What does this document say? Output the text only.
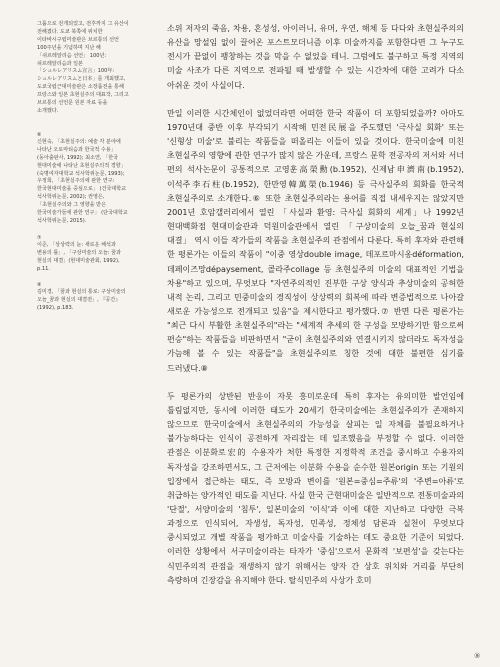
그룹으로 전개되었고, 전후까지 그 유산이 전해졌다. 도쿄 북쪽에 위치한 이타바시구립미술관은 브르통의 선언 100주년을 기념하며 지난 해 「쉬르레알리슴 선언」 100년: 쉬르레알리슴과 일본 「シュルレアリスム宣言」100年: シュルレアリスムと日本」를 개최했고, 도쿄국립근대미술관은 소장품전을 통해 프랑스와 일본 초현실주의 대표작, 그리고 브르통의 선언문 원본 자료 등을 소개했다.

⑥

신현숙, 「초현실주의: 예술 각 분야에 나타난 오토마티슴과 한국적 수용」 (동아출판사, 1992); 최소연, 「한국 현대미술에 나타난 초현실주의적 경향」(숙명여자대학교 석사학위논문, 1993); 우정희, 「초현실주의에 관한 연구: 한국현대미술을 중심으로」 (건국대학교 석사학위논문, 2002); 권영은, 「초현실주의와 그 영향을 받은 한국미술가들에 관한 연구」 (단국대학교 석사학위논문, 2015).

⑦

이준, 「상상력의 눈: 새로운 해석과 변용의 틀」, 「구상미술의 오늘: 꿈과 현실의 대결」(현대미술관회, 1992), p.11.

⑧

김미경, 「꿈과 현실의 통로: 구상미술의 오늘_꿈과 현실의 대결전」, 『공간』(1992), p.183.

소위 저자의 죽음, 차용, 혼성성, 아이러니, 유머, 우연, 해체 등 다다와 초현실주의의 유산을 망설임 없이 끌어온 포스트모더니즘 이후 미술까지를 포함한다면 그 누구도 전시가 끝없이 팽창하는 것을 막을 수 없었을 테니. 그럼에도 불구하고 특정 지역의 미술 사조가 다른 지역으로 전파될 때 발생할 수 있는 시간차에 대한 고려가 다소 아쉬운 것이 사실이다.

만일 이러한 시간체인이 없었더라면 어떠한 한국 작품이 더 포함되었을까? 아마도 1970년대 중반 이후 부각되기 시작해 민전民展을 주도했던 '극사실 회화' 또는 '신형상 미술'로 불리는 작품들을 떠올리는 이들이 있을 것이다. 한국미술에 미친 초현실주의 영향에 관한 연구가 많지 않은 가운데, 프랑스 문학 전공자의 저서와 서너 편의 석사논문이 공통적으로 고영훈高榮勳(b.1952), 신제남申濟南(b.1952), 이석주李石柱(b.1952), 한만영韓萬榮(b.1946) 등 극사실주의 회화를 한국적 초현실주의로 소개한다.⑥ 또한 초현실주의라는 용어를 직접 내세우지는 않았지만 2001년 호암갤러리에서 열린 「사실과 환영: 극사실 회화의 세계」나 1992년 현대백화점 현대미술관과 덕원미술관에서 열린 「구상미술의 오늘_꿈과 현실의 대결」 역시 이들 작가들의 작품을 초현실주의 관점에서 다룬다. 특히 후자와 관련해 한 평론가는 이들의 작품이 "이중 영상double image, 데포르마시옹déformation, 데페이즈망dépaysement, 콜라주collage 등 초현실주의 미술의 대표적인 기법을 차용"하고 있으며, 무엇보다 "자연주의적인 진부한 구상 양식과 추상미술의 공허한 내적 논리, 그리고 민중미술의 경직성이 상상력의 회복에 따라 변증법적으로 나아갈 새로운 가능성으로 전개되고 있음"을 제시한다고 평가했다.⑦ 반면 다른 평론가는 "최근 다시 부활한 초현실주의"라는 "세계적 추세의 한 구성을 모방하기만 함으로써 편승"하는 작품들을 비판하면서 "굳이 초현실주의와 연결시키지 않더라도 독자성을 가늠해 볼 수 있는 작품들"을 초현실주의로 칭한 것에 대한 불편한 심기를 드러냈다.⑧

두 평론가의 상반된 반응이 자못 흥미로운데 특히 후자는 유의미한 발언임에 틀림없지만, 동시에 이러한 태도가 20세기 한국미술에는 초현실주의가 존재하지 않으므로 한국미술에서 초현실주의의 가능성을 살피는 일 자체를 불필요하거나 불가능하다는 인식이 공전하게 자리잡는 데 일조했음을 부정할 수 없다. 이러한 관점은 이분화로宏的 수용자가 처한 특정한 지정학적 조건을 중시하고 수용자의 독자성을 강조하면서도, 그 근저에는 이분화 수용을 순수한 원본origin 또는 기원의 입장에서 접근하는 태도, 즉 모방과 변이를 '원본=중심=주류'의 '주변=아류'로 취급하는 양가적인 태도를 지닌다. 사실 한국 근현대미술은 일반적으로 전통미술과의 '단절', 서양미술의 '침투', 일본미술의 '이식'과 이에 대한 지난하고 다양한 극복 과정으로 인식되어, 자생성, 독자성, 민족성, 정체성 담론과 실천이 무엇보다 중시되었고 개별 작품을 평가하고 미술사를 기술하는 데도 중요한 기준이 되었다. 이러한 상황에서 서구미술이라는 타자가 '중심'으로서 문화적 '보편성'을 갖는다는 식민주의적 관점을 재생하지 않기 위해서는 양자 간 상호 위치와 거리를 부단히 측량하며 긴장감을 유지해야 한다. 탈식민주의 사상가 호미

⑨
